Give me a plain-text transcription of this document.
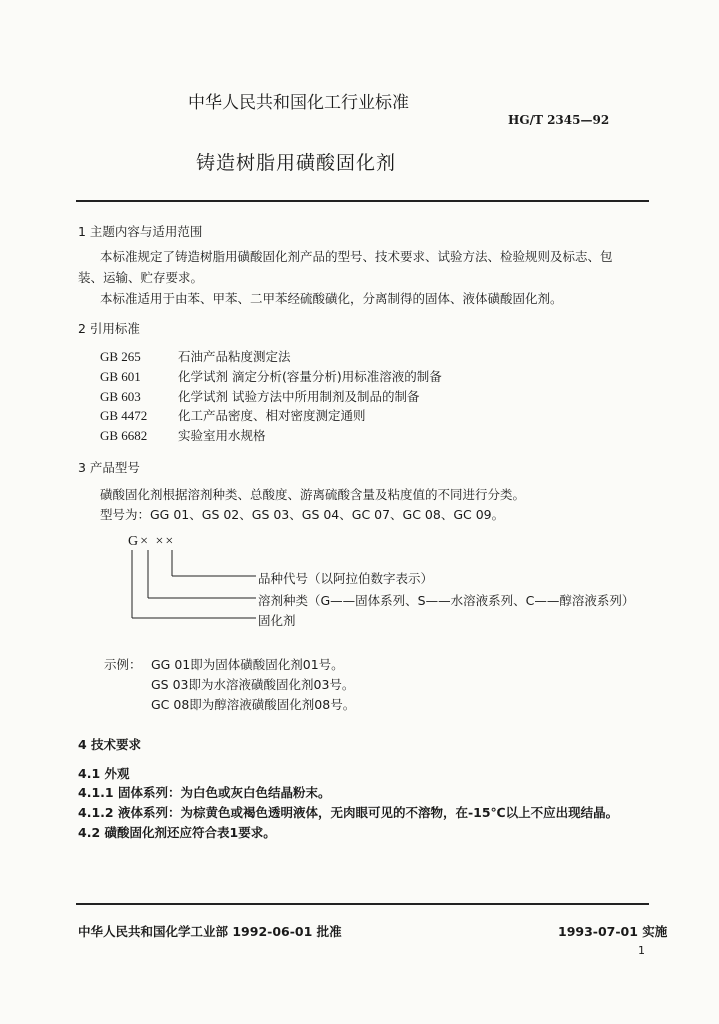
中华人民共和国化工行业标准
HG/T 2345—92
铸造树脂用磺酸固化剂
1 主题内容与适用范围
本标准规定了铸造树脂用磺酸固化剂产品的型号、技术要求、试验方法、检验规则及标志、包
装、运输、贮存要求。
本标准适用于由苯、甲苯、二甲苯经硫酸磺化，分离制得的固体、液体磺酸固化剂。
2 引用标准
GB 265	石油产品粘度测定法
GB 601	化学试剂 滴定分析(容量分析)用标准溶液的制备
GB 603	化学试剂 试验方法中所用制剂及制品的制备
GB 4472 化工产品密度、相对密度测定通则
GB 6682 实验室用水规格
3 产品型号
磺酸固化剂根据溶剂种类、总酸度、游离硫酸含量及粘度值的不同进行分类。
型号为：GG 01、GS 02、GS 03、GS 04、GC 07、GC 08、GC 09。
G× ××
品种代号（以阿拉伯数字表示）
溶剂种类（G——固体系列、S——水溶液系列、C——醇溶液系列）
固化剂
示例： GG 01即为固体磺酸固化剂01号。
GS 03即为水溶液磺酸固化剂03号。
GC 08即为醇溶液磺酸固化剂08号。
4 技术要求
4.1 外观
4.1.1 固体系列：为白色或灰白色结晶粉末。
4.1.2 液体系列：为棕黄色或褐色透明液体，无肉眼可见的不溶物，在-15℃以上不应出现结晶。
4.2 磺酸固化剂还应符合表1要求。
中华人民共和国化学工业部 1992-06-01 批准	1993-07-01 实施
1
